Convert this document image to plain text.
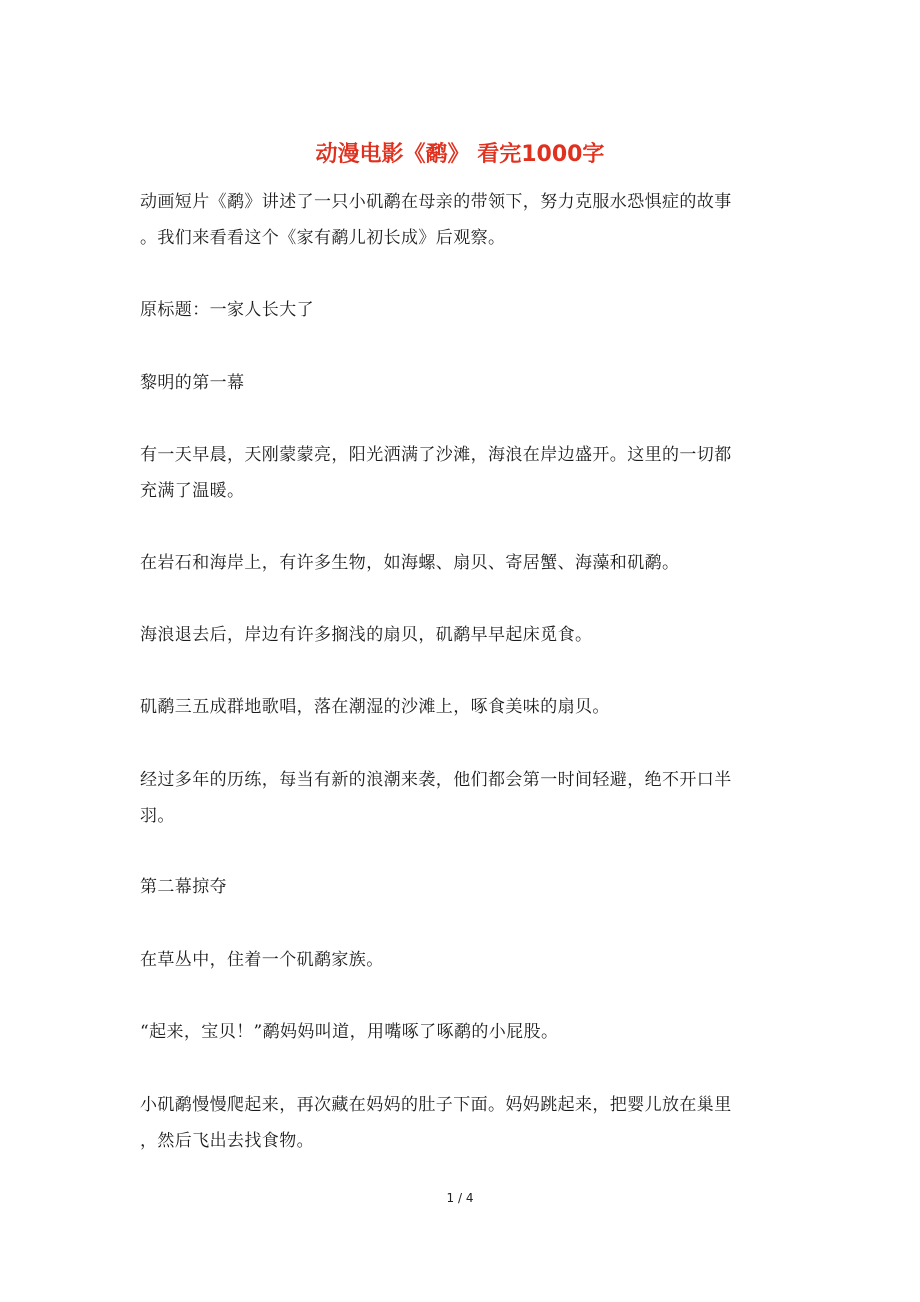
动漫电影《鹬》 看完1000字
动画短片《鹬》讲述了一只小矶鹬在母亲的带领下，努力克服水恐惧症的故事
。我们来看看这个《家有鹬儿初长成》后观察。
原标题：一家人长大了
黎明的第一幕
有一天早晨，天刚蒙蒙亮，阳光洒满了沙滩，海浪在岸边盛开。这里的一切都
充满了温暖。
在岩石和海岸上，有许多生物，如海螺、扇贝、寄居蟹、海藻和矶鹬。
海浪退去后，岸边有许多搁浅的扇贝，矶鹬早早起床觅食。
矶鹬三五成群地歌唱，落在潮湿的沙滩上，啄食美味的扇贝。
经过多年的历练，每当有新的浪潮来袭，他们都会第一时间轻避，绝不开口半
羽。
第二幕掠夺
在草丛中，住着一个矶鹬家族。
“起来，宝贝！”鹬妈妈叫道，用嘴啄了啄鹬的小屁股。
小矶鹬慢慢爬起来，再次藏在妈妈的肚子下面。妈妈跳起来，把婴儿放在巢里
，然后飞出去找食物。
1 / 4
